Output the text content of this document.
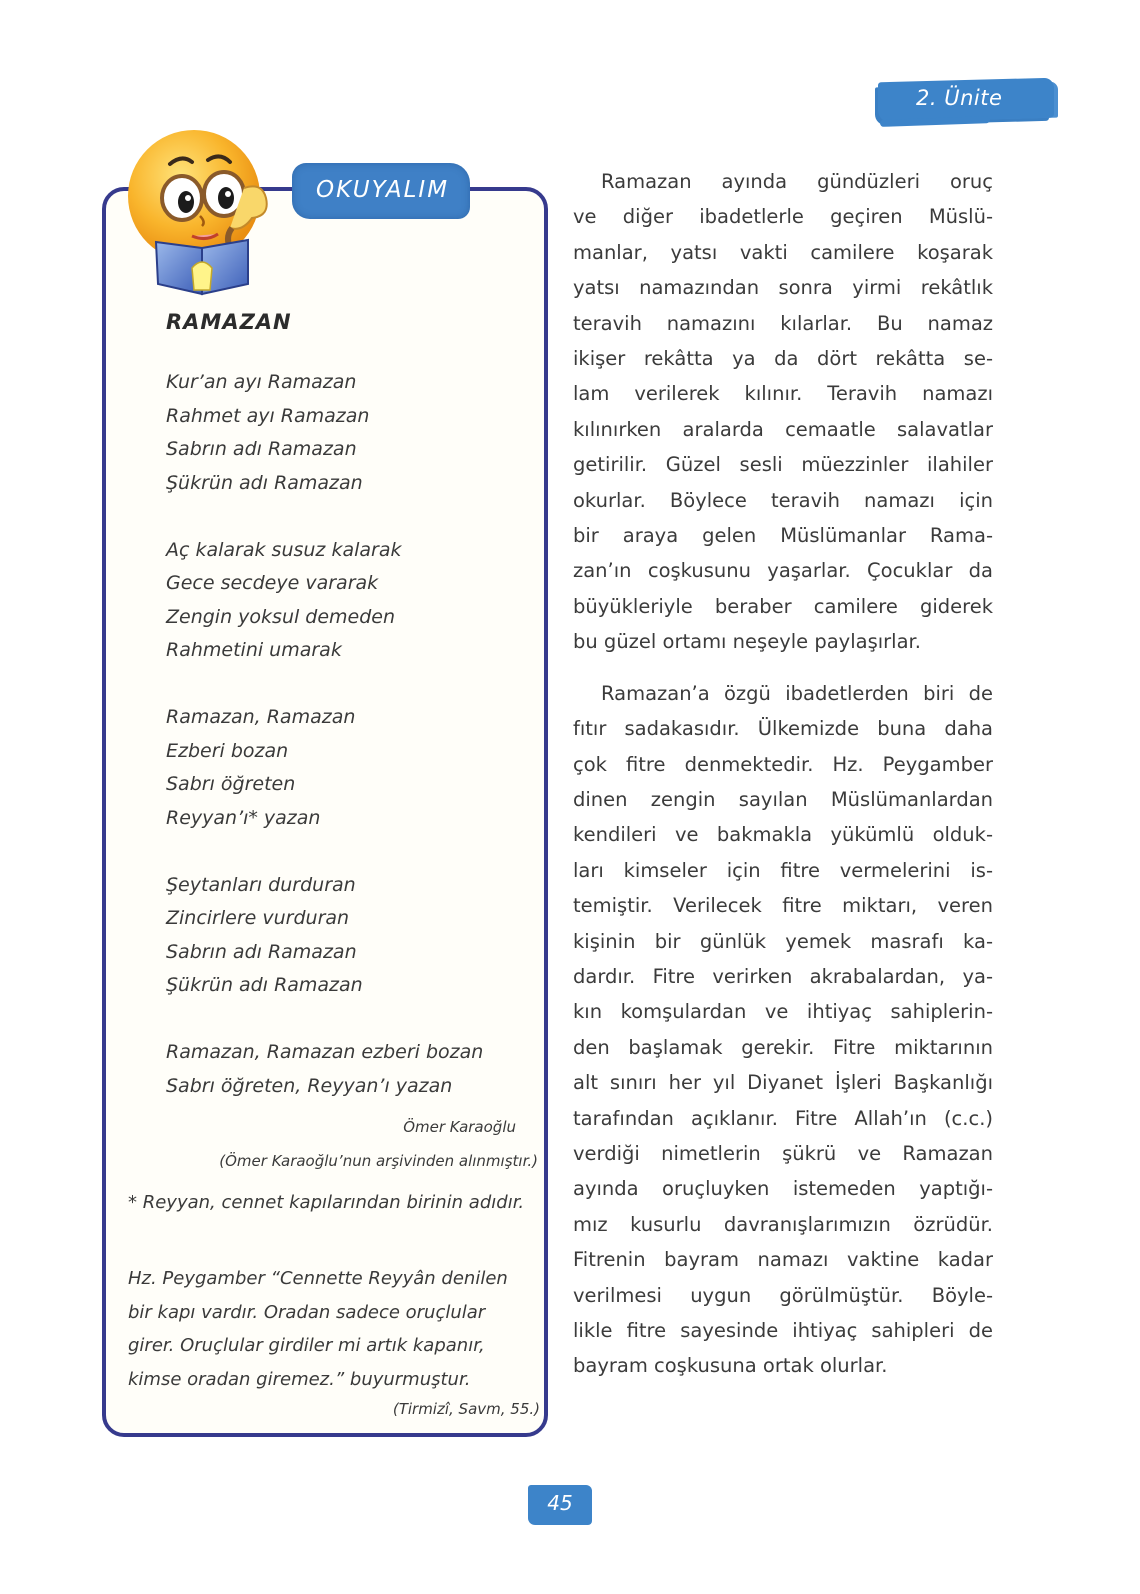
2. Ünite
OKUYALIM
RAMAZAN
Kur’an ayı Ramazan
Rahmet ayı Ramazan
Sabrın adı Ramazan
Şükrün adı Ramazan
Aç kalarak susuz kalarak
Gece secdeye vararak
Zengin yoksul demeden
Rahmetini umarak
Ramazan, Ramazan
Ezberi bozan
Sabrı öğreten
Reyyan’ı* yazan
Şeytanları durduran
Zincirlere vurduran
Sabrın adı Ramazan
Şükrün adı Ramazan
Ramazan, Ramazan ezberi bozan
Sabrı öğreten, Reyyan’ı yazan
Ömer Karaoğlu
(Ömer Karaoğlu’nun arşivinden alınmıştır.)
* Reyyan, cennet kapılarından birinin adıdır.
Hz. Peygamber “Cennette Reyyân denilen
bir kapı vardır. Oradan sadece oruçlular
girer. Oruçlular girdiler mi artık kapanır,
kimse oradan giremez.” buyurmuştur.
(Tirmizî, Savm, 55.)
Ramazan ayında gündüzleri oruç
ve diğer ibadetlerle geçiren Müslü-
manlar, yatsı vakti camilere koşarak
yatsı namazından sonra yirmi rekâtlık
teravih namazını kılarlar. Bu namaz
ikişer rekâtta ya da dört rekâtta se-
lam verilerek kılınır. Teravih namazı
kılınırken aralarda cemaatle salavatlar
getirilir. Güzel sesli müezzinler ilahiler
okurlar. Böylece teravih namazı için
bir araya gelen Müslümanlar Rama-
zan’ın coşkusunu yaşarlar. Çocuklar da
büyükleriyle beraber camilere giderek
bu güzel ortamı neşeyle paylaşırlar.
Ramazan’a özgü ibadetlerden biri de
fıtır sadakasıdır. Ülkemizde buna daha
çok fitre denmektedir. Hz. Peygamber
dinen zengin sayılan Müslümanlardan
kendileri ve bakmakla yükümlü olduk-
ları kimseler için fitre vermelerini is-
temiştir. Verilecek fitre miktarı, veren
kişinin bir günlük yemek masrafı ka-
dardır. Fitre verirken akrabalardan, ya-
kın komşulardan ve ihtiyaç sahiplerin-
den başlamak gerekir. Fitre miktarının
alt sınırı her yıl Diyanet İşleri Başkanlığı
tarafından açıklanır. Fitre Allah’ın (c.c.)
verdiği nimetlerin şükrü ve Ramazan
ayında oruçluyken istemeden yaptığı-
mız kusurlu davranışlarımızın özrüdür.
Fitrenin bayram namazı vaktine kadar
verilmesi uygun görülmüştür. Böyle-
likle fitre sayesinde ihtiyaç sahipleri de
bayram coşkusuna ortak olurlar.
45
